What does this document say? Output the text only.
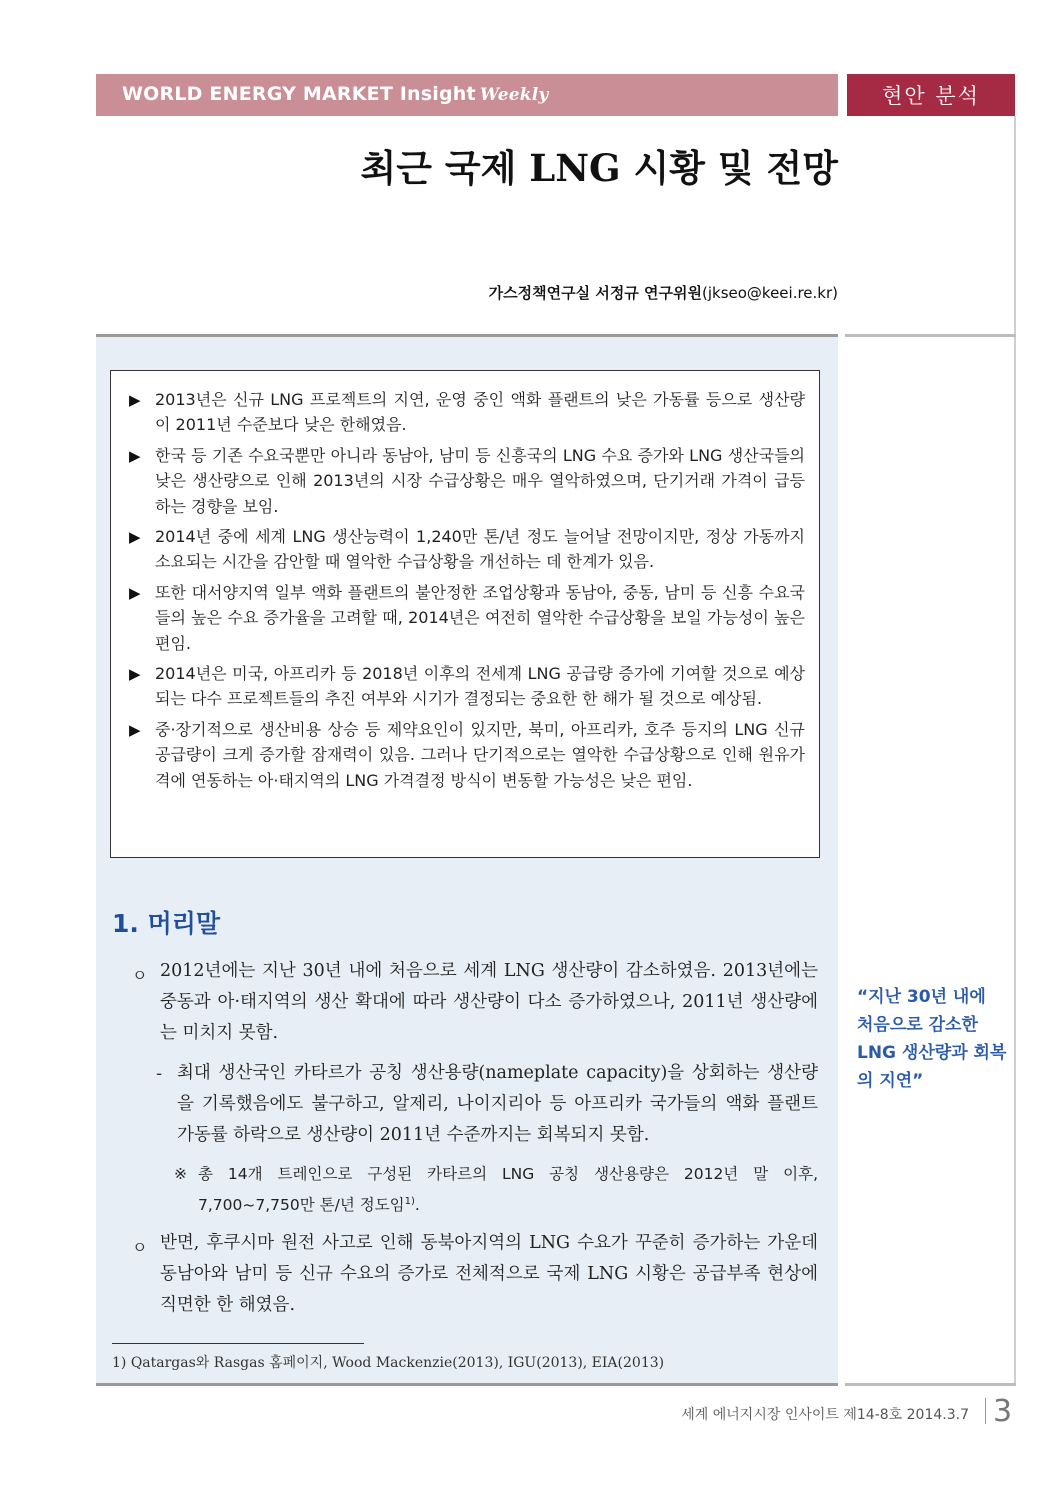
WORLD ENERGY MARKET Insight Weekly	현안 분석
최근 국제 LNG 시황 및 전망
가스정책연구실 서정규 연구위원(jkseo@keei.re.kr)
▶ 2013년은 신규 LNG 프로젝트의 지연, 운영 중인 액화 플랜트의 낮은 가동률 등으로 생산량이 2011년 수준보다 낮은 한해였음.
▶ 한국 등 기존 수요국뿐만 아니라 동남아, 남미 등 신흥국의 LNG 수요 증가와 LNG 생산국들의 낮은 생산량으로 인해 2013년의 시장 수급상황은 매우 열악하였으며, 단기거래 가격이 급등하는 경향을 보임.
▶ 2014년 중에 세계 LNG 생산능력이 1,240만 톤/년 정도 늘어날 전망이지만, 정상 가동까지 소요되는 시간을 감안할 때 열악한 수급상황을 개선하는 데 한계가 있음.
▶ 또한 대서양지역 일부 액화 플랜트의 불안정한 조업상황과 동남아, 중동, 남미 등 신흥 수요국들의 높은 수요 증가율을 고려할 때, 2014년은 여전히 열악한 수급상황을 보일 가능성이 높은 편임.
▶ 2014년은 미국, 아프리카 등 2018년 이후의 전세계 LNG 공급량 증가에 기여할 것으로 예상되는 다수 프로젝트들의 추진 여부와 시기가 결정되는 중요한 한 해가 될 것으로 예상됨.
▶ 중·장기적으로 생산비용 상승 등 제약요인이 있지만, 북미, 아프리카, 호주 등지의 LNG 신규 공급량이 크게 증가할 잠재력이 있음. 그러나 단기적으로는 열악한 수급상황으로 인해 원유가격에 연동하는 아·태지역의 LNG 가격결정 방식이 변동할 가능성은 낮은 편임.
1. 머리말
ㅇ 2012년에는 지난 30년 내에 처음으로 세계 LNG 생산량이 감소하였음. 2013년에는 중동과 아·태지역의 생산 확대에 따라 생산량이 다소 증가하였으나, 2011년 생산량에는 미치지 못함.
- 최대 생산국인 카타르가 공칭 생산용량(nameplate capacity)을 상회하는 생산량을 기록했음에도 불구하고, 알제리, 나이지리아 등 아프리카 국가들의 액화 플랜트 가동률 하락으로 생산량이 2011년 수준까지는 회복되지 못함.
※ 총 14개 트레인으로 구성된 카타르의 LNG 공칭 생산용량은 2012년 말 이후, 7,700~7,750만 톤/년 정도임$^{1)}$.
ㅇ 반면, 후쿠시마 원전 사고로 인해 동북아지역의 LNG 수요가 꾸준히 증가하는 가운데 동남아와 남미 등 신규 수요의 증가로 전체적으로 국제 LNG 시황은 공급부족 현상에 직면한 한 해였음.
1) Qatargas와 Rasgas 홈페이지, Wood Mackenzie(2013), IGU(2013), EIA(2013)
“지난 30년 내에 처음으로 감소한 LNG 생산량과 회복의 지연”
세계 에너지시장 인사이트 제14-8호 2014.3.7 3
